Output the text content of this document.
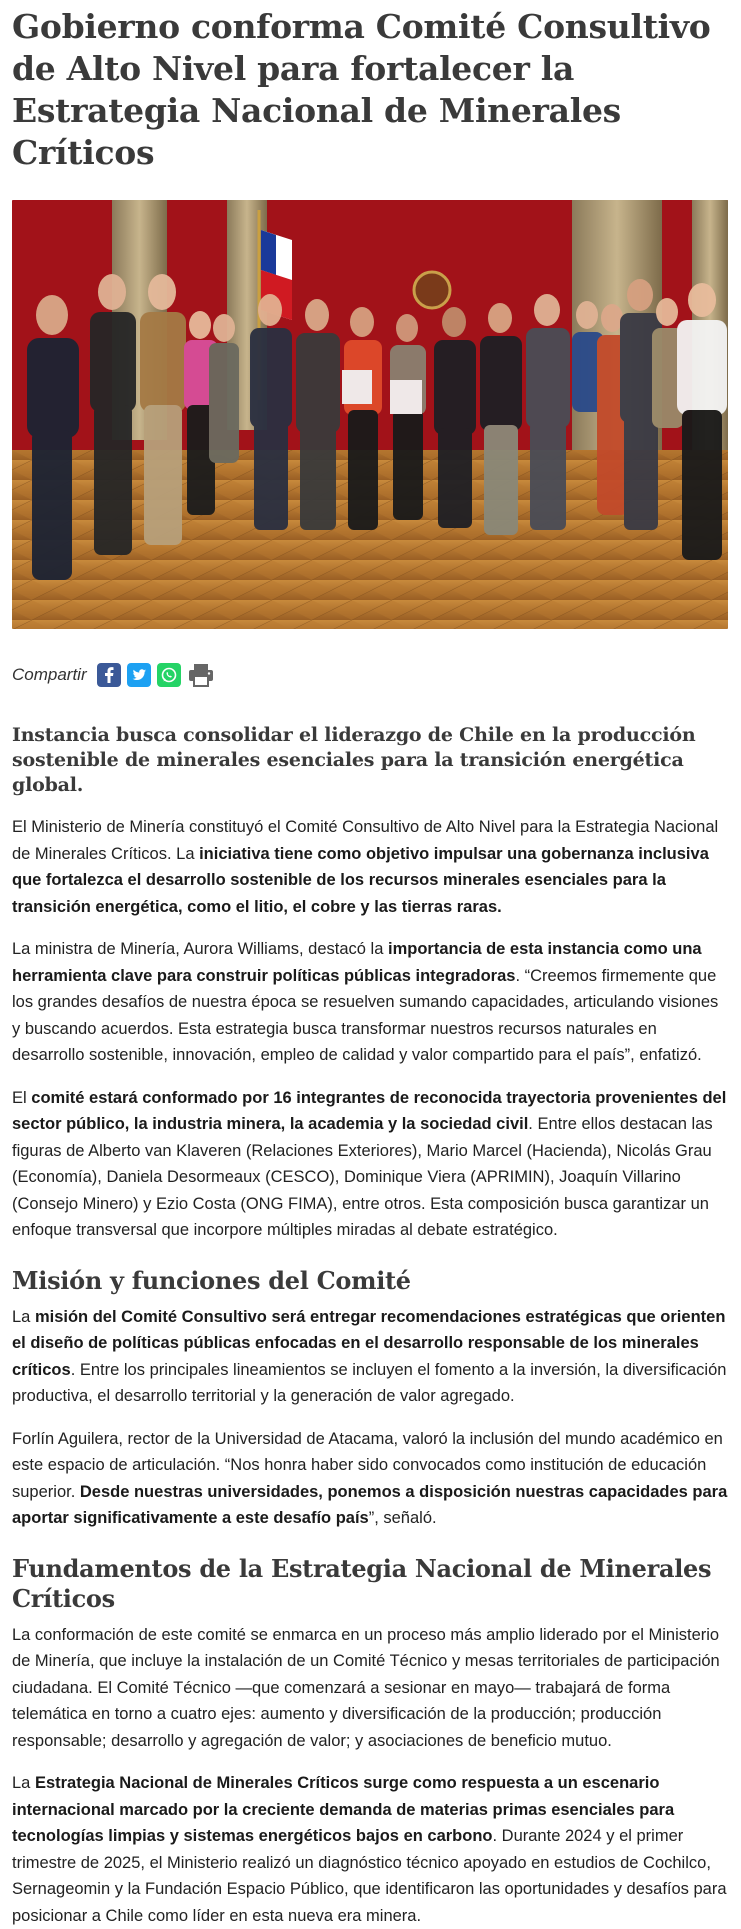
Gobierno conforma Comité Consultivo de Alto Nivel para fortalecer la Estrategia Nacional de Minerales Críticos
Compartir
Instancia busca consolidar el liderazgo de Chile en la producción sostenible de minerales esenciales para la transición energética global.

El Ministerio de Minería constituyó el Comité Consultivo de Alto Nivel para la Estrategia Nacional de Minerales Críticos. La iniciativa tiene como objetivo impulsar una gobernanza inclusiva que fortalezca el desarrollo sostenible de los recursos minerales esenciales para la transición energética, como el litio, el cobre y las tierras raras.

La ministra de Minería, Aurora Williams, destacó la importancia de esta instancia como una herramienta clave para construir políticas públicas integradoras. “Creemos firmemente que los grandes desafíos de nuestra época se resuelven sumando capacidades, articulando visiones y buscando acuerdos. Esta estrategia busca transformar nuestros recursos naturales en desarrollo sostenible, innovación, empleo de calidad y valor compartido para el país”, enfatizó.

El comité estará conformado por 16 integrantes de reconocida trayectoria provenientes del sector público, la industria minera, la academia y la sociedad civil. Entre ellos destacan las figuras de Alberto van Klaveren (Relaciones Exteriores), Mario Marcel (Hacienda), Nicolás Grau (Economía), Daniela Desormeaux (CESCO), Dominique Viera (APRIMIN), Joaquín Villarino (Consejo Minero) y Ezio Costa (ONG FIMA), entre otros. Esta composición busca garantizar un enfoque transversal que incorpore múltiples miradas al debate estratégico.

Misión y funciones del Comité

La misión del Comité Consultivo será entregar recomendaciones estratégicas que orienten el diseño de políticas públicas enfocadas en el desarrollo responsable de los minerales críticos. Entre los principales lineamientos se incluyen el fomento a la inversión, la diversificación productiva, el desarrollo territorial y la generación de valor agregado.

Forlín Aguilera, rector de la Universidad de Atacama, valoró la inclusión del mundo académico en este espacio de articulación. “Nos honra haber sido convocados como institución de educación superior. Desde nuestras universidades, ponemos a disposición nuestras capacidades para aportar significativamente a este desafío país”, señaló.

Fundamentos de la Estrategia Nacional de Minerales Críticos

La conformación de este comité se enmarca en un proceso más amplio liderado por el Ministerio de Minería, que incluye la instalación de un Comité Técnico y mesas territoriales de participación ciudadana. El Comité Técnico —que comenzará a sesionar en mayo— trabajará de forma telemática en torno a cuatro ejes: aumento y diversificación de la producción; producción responsable; desarrollo y agregación de valor; y asociaciones de beneficio mutuo.

La Estrategia Nacional de Minerales Críticos surge como respuesta a un escenario internacional marcado por la creciente demanda de materias primas esenciales para tecnologías limpias y sistemas energéticos bajos en carbono. Durante 2024 y el primer trimestre de 2025, el Ministerio realizó un diagnóstico técnico apoyado en estudios de Cochilco, Sernageomin y la Fundación Espacio Público, que identificaron las oportunidades y desafíos para posicionar a Chile como líder en esta nueva era minera.
